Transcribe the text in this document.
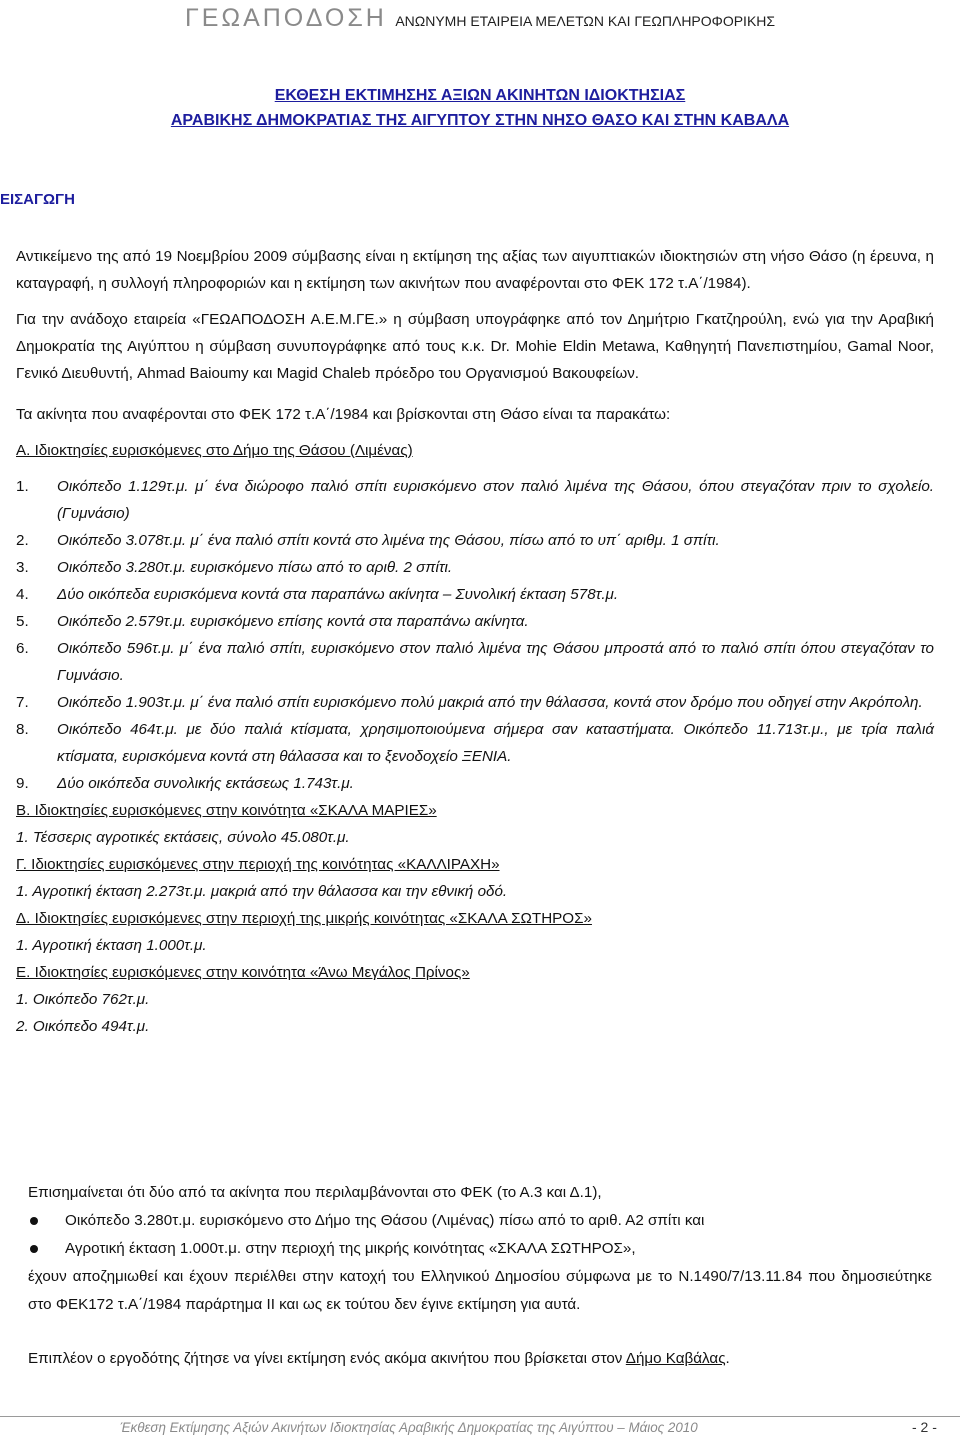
ΓΕΩΑΠΟΔΟΣΗ ΑΝΩΝΥΜΗ ΕΤΑΙΡΕΙΑ ΜΕΛΕΤΩΝ ΚΑΙ ΓΕΩΠΛΗΡΟΦΟΡΙΚΗΣ
ΕΚΘΕΣΗ ΕΚΤΙΜΗΣΗΣ ΑΞΙΩΝ ΑΚΙΝΗΤΩΝ ΙΔΙΟΚΤΗΣΙΑΣ
ΑΡΑΒΙΚΗΣ ΔΗΜΟΚΡΑΤΙΑΣ ΤΗΣ ΑΙΓΥΠΤΟΥ ΣΤΗΝ ΝΗΣΟ ΘΑΣΟ ΚΑΙ ΣΤΗΝ ΚΑΒΑΛΑ
ΕΙΣΑΓΩΓΗ
Αντικείμενο της από 19 Νοεμβρίου 2009 σύμβασης είναι η εκτίμηση της αξίας των αιγυπτιακών ιδιοκτησιών στη νήσο Θάσο (η έρευνα, η καταγραφή, η συλλογή πληροφοριών και η εκτίμηση των ακινήτων που αναφέρονται στο ΦΕΚ 172 τ.Α΄/1984).
Για την ανάδοχο εταιρεία «ΓΕΩΑΠΟΔΟΣΗ Α.Ε.Μ.ΓΕ.» η σύμβαση υπογράφηκε από τον Δημήτριο Γκατζηρούλη, ενώ για την Αραβική Δημοκρατία της Αιγύπτου η σύμβαση συνυπογράφηκε από τους κ.κ. Dr. Mohie Eldin Metawa, Καθηγητή Πανεπιστημίου, Gamal Noor, Γενικό Διευθυντή, Ahmad Baioumy και Magid Chaleb πρόεδρο του Οργανισμού Βακουφείων.
Τα ακίνητα που αναφέρονται στο ΦΕΚ 172 τ.Α΄/1984 και βρίσκονται στη Θάσο είναι τα παρακάτω:
Α. Ιδιοκτησίες ευρισκόμενες στο Δήμο της Θάσου (Λιμένας)
1. Οικόπεδο 1.129τ.μ. μ΄ ένα διώροφο παλιό σπίτι ευρισκόμενο στον παλιό λιμένα της Θάσου, όπου στεγαζόταν πριν το σχολείο. (Γυμνάσιο)
2. Οικόπεδο 3.078τ.μ. μ΄ ένα παλιό σπίτι κοντά στο λιμένα της Θάσου, πίσω από το υπ΄ αριθμ. 1 σπίτι.
3. Οικόπεδο 3.280τ.μ. ευρισκόμενο πίσω από το αριθ. 2 σπίτι.
4. Δύο οικόπεδα ευρισκόμενα κοντά στα παραπάνω ακίνητα – Συνολική έκταση 578τ.μ.
5. Οικόπεδο 2.579τ.μ. ευρισκόμενο επίσης κοντά στα παραπάνω ακίνητα.
6. Οικόπεδο 596τ.μ. μ΄ ένα παλιό σπίτι, ευρισκόμενο στον παλιό λιμένα της Θάσου μπροστά από το παλιό σπίτι όπου στεγαζόταν το Γυμνάσιο.
7. Οικόπεδο 1.903τ.μ. μ΄ ένα παλιό σπίτι ευρισκόμενο πολύ μακριά από την θάλασσα, κοντά στον δρόμο που οδηγεί στην Ακρόπολη.
8. Οικόπεδο 464τ.μ. με δύο παλιά κτίσματα, χρησιμοποιούμενα σήμερα σαν καταστήματα. Οικόπεδο 11.713τ.μ., με τρία παλιά κτίσματα, ευρισκόμενα κοντά στη θάλασσα και το ξενοδοχείο ΞΕΝΙΑ.
9. Δύο οικόπεδα συνολικής εκτάσεως 1.743τ.μ.
Β. Ιδιοκτησίες ευρισκόμενες στην κοινότητα «ΣΚΑΛΑ ΜΑΡΙΕΣ»
1. Τέσσερις αγροτικές εκτάσεις, σύνολο 45.080τ.μ.
Γ. Ιδιοκτησίες ευρισκόμενες στην περιοχή της κοινότητας «ΚΑΛΛΙΡΑΧΗ»
1. Αγροτική έκταση 2.273τ.μ. μακριά από την θάλασσα και την εθνική οδό.
Δ. Ιδιοκτησίες ευρισκόμενες στην περιοχή της μικρής κοινότητας «ΣΚΑΛΑ ΣΩΤΗΡΟΣ»
1. Αγροτική έκταση 1.000τ.μ.
Ε. Ιδιοκτησίες ευρισκόμενες στην κοινότητα «Άνω Μεγάλος Πρίνος»
1. Οικόπεδο 762τ.μ.
2. Οικόπεδο 494τ.μ.
Επισημαίνεται ότι δύο από τα ακίνητα που περιλαμβάνονται στο ΦΕΚ (το Α.3 και Δ.1),
Οικόπεδο 3.280τ.μ. ευρισκόμενο στο Δήμο της Θάσου (Λιμένας) πίσω από το αριθ. Α2 σπίτι και
Αγροτική έκταση 1.000τ.μ. στην περιοχή της μικρής κοινότητας «ΣΚΑΛΑ ΣΩΤΗΡΟΣ»,
έχουν αποζημιωθεί και έχουν περιέλθει στην κατοχή του Ελληνικού Δημοσίου σύμφωνα με το Ν.1490/7/13.11.84 που δημοσιεύτηκε στο ΦΕΚ172 τ.Α΄/1984 παράρτημα ΙΙ και ως εκ τούτου δεν έγινε εκτίμηση για αυτά.
Επιπλέον ο εργοδότης ζήτησε να γίνει εκτίμηση ενός ακόμα ακινήτου που βρίσκεται στον Δήμο Καβάλας.
Έκθεση Εκτίμησης Αξιών Ακινήτων Ιδιοκτησίας Αραβικής Δημοκρατίας της Αιγύπτου – Μάιος 2010	- 2 -
